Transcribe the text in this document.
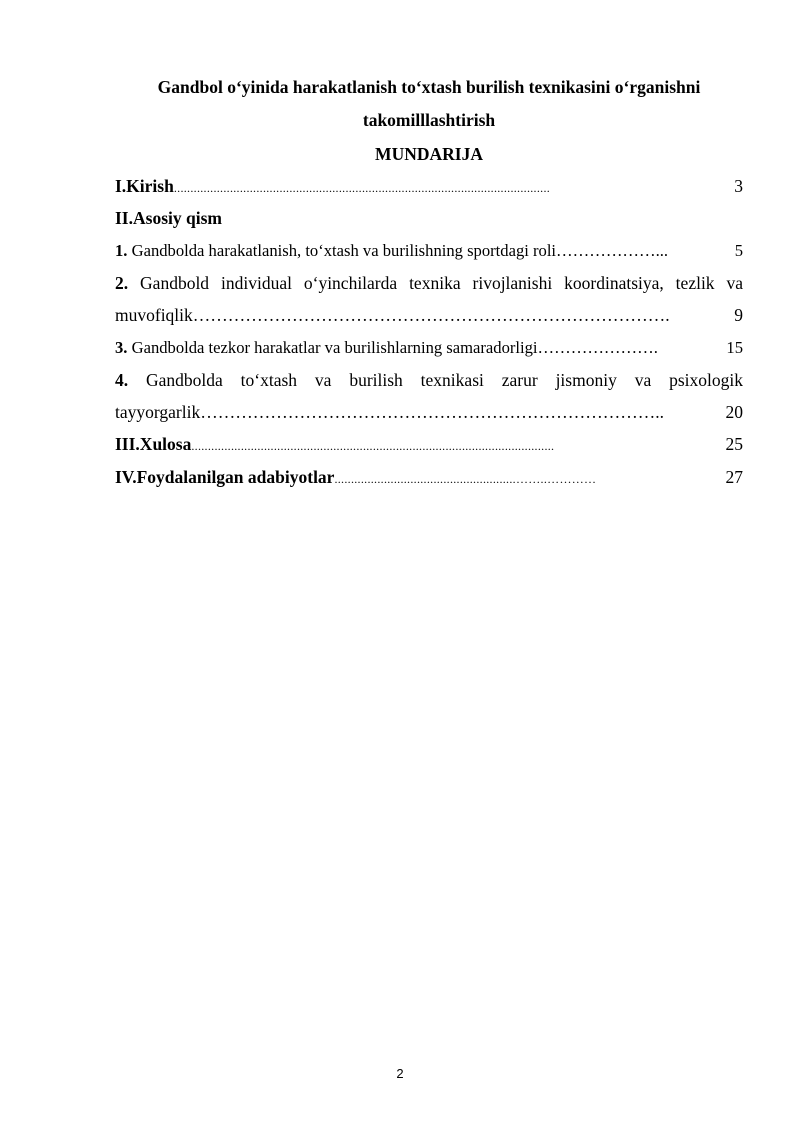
Gandbol o‘yinida harakatlanish to‘xtash burilish texnikasini o‘rganishni
takomilllashtirish
MUNDARIJA
I.Kirish ..................................................................................................................	3
II.Asosiy qism
1. Gandbolda harakatlanish, to‘xtash va burilishning sportdagi roli ………………...	5
2. Gandbold individual o‘yinchilarda texnika rivojlanishi koordinatsiya, tezlik va
muvofiqlik ……………………………………………………………………….	9
3. Gandbolda tezkor harakatlar va burilishlarning samaradorligi ………………….	15
4. Gandbolda to‘xtash va burilish texnikasi zarur jismoniy va psixologik
tayyorgarlik ……………………………………………………………………..	20
III.Xulosa ..............................................................................................................	25
IV.Foydalanilgan adabiyotlar .......................................................……..…………	27
2
